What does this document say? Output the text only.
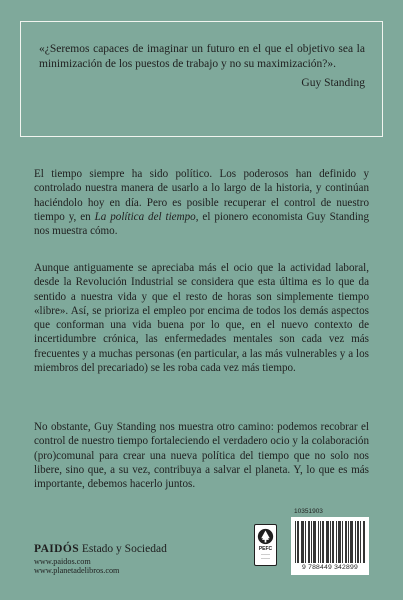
«¿Seremos capaces de imaginar un futuro en el que el objetivo sea la minimización de los puestos de trabajo y no su maximización?».

Guy Standing

El tiempo siempre ha sido político. Los poderosos han definido y controlado nuestra manera de usarlo a lo largo de la historia, y continúan haciéndolo hoy en día. Pero es posible recuperar el control de nuestro tiempo y, en La política del tiempo, el pionero economista Guy Standing nos muestra cómo.

Aunque antiguamente se apreciaba más el ocio que la actividad laboral, desde la Revolución Industrial se considera que esta última es lo que da sentido a nuestra vida y que el resto de horas son simplemente tiempo «libre». Así, se prioriza el empleo por encima de todos los demás aspectos que conforman una vida buena por lo que, en el nuevo contexto de incertidumbre crónica, las enfermedades mentales son cada vez más frecuentes y a muchas personas (en particular, a las más vulnerables y a los miembros del precariado) se les roba cada vez más tiempo.

No obstante, Guy Standing nos muestra otro camino: podemos recobrar el control de nuestro tiempo fortaleciendo el verdadero ocio y la colaboración (pro)comunal para crear una nueva política del tiempo que no solo nos libere, sino que, a su vez, contribuya a salvar el planeta. Y, lo que es más importante, debemos hacerlo juntos.

PAIDÓS Estado y Sociedad
www.paidos.com
www.planetadelibros.com
PEFC
────
────
10351903
9 788449 342899
